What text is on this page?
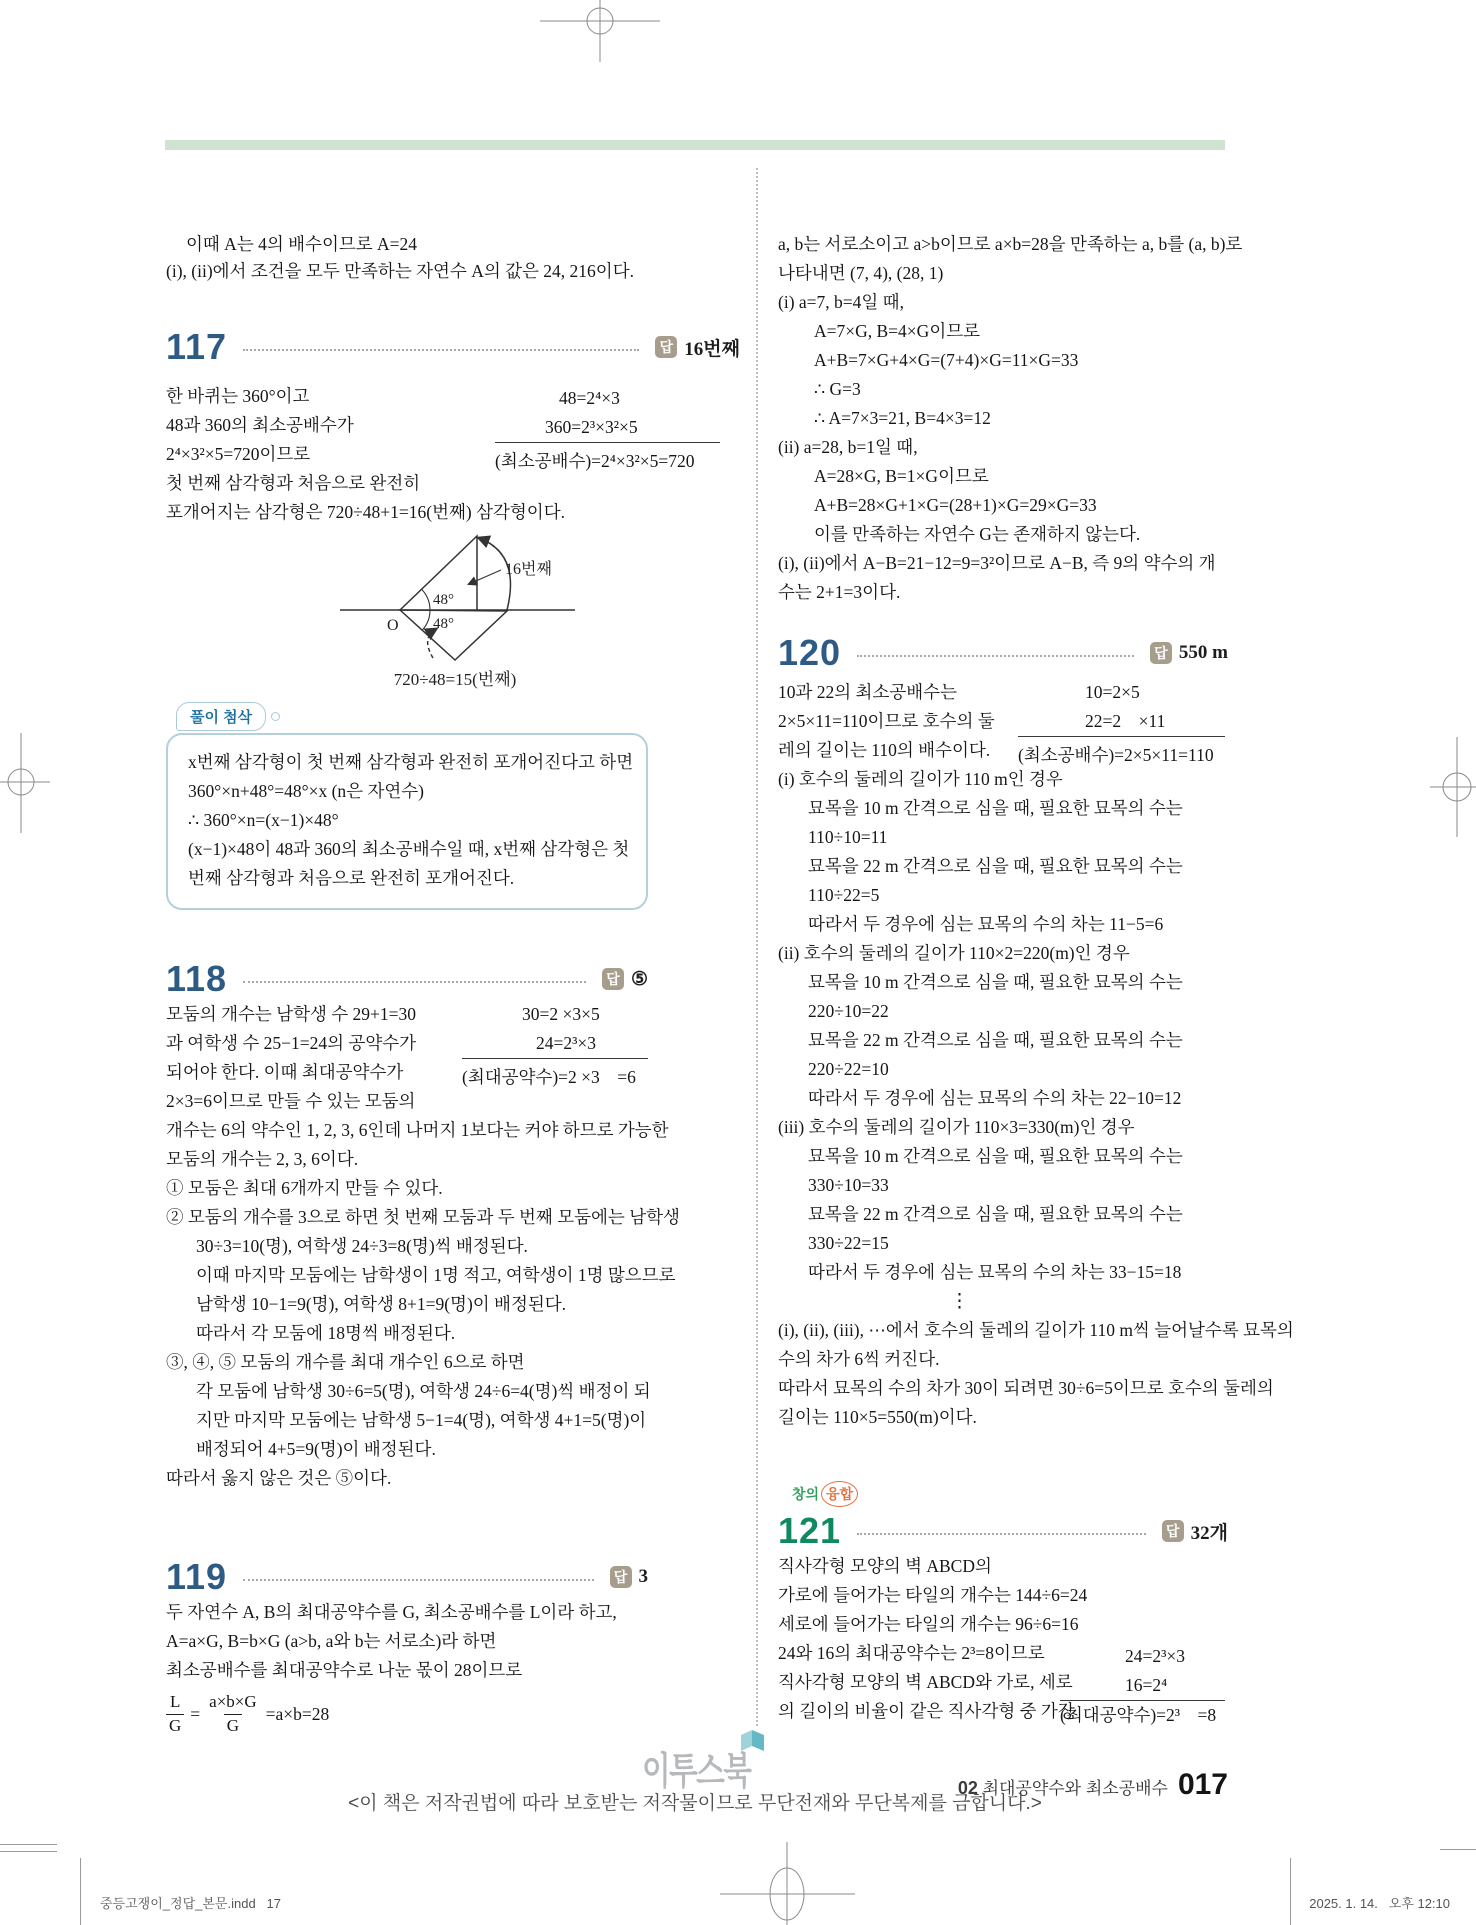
이때 A는 4의 배수이므로 A=24
(i), (ii)에서 조건을 모두 만족하는 자연수 A의 값은 24, 216이다.
117	답 16번째
한 바퀴는 360°이고
48과 360의 최소공배수가
2⁴×3²×5=720이므로
첫 번째 삼각형과 처음으로 완전히
포개어지는 삼각형은 720÷48+1=16(번째) 삼각형이다.
48=2⁴×3
360=2³×3²×5
(최소공배수)=2⁴×3²×5=720
16번째
48°
48°
O
720÷48=15(번째)
풀이 첨삭
x번째 삼각형이 첫 번째 삼각형과 완전히 포개어진다고 하면
360°×n+48°=48°×x (n은 자연수)
∴ 360°×n=(x−1)×48°
(x−1)×48이 48과 360의 최소공배수일 때, x번째 삼각형은 첫
번째 삼각형과 처음으로 완전히 포개어진다.
118	답 ⑤
모둠의 개수는 남학생 수 29+1=30
과 여학생 수 25−1=24의 공약수가
되어야 한다. 이때 최대공약수가
2×3=6이므로 만들 수 있는 모둠의
개수는 6의 약수인 1, 2, 3, 6인데 나머지 1보다는 커야 하므로 가능한
모둠의 개수는 2, 3, 6이다.
① 모둠은 최대 6개까지 만들 수 있다.
② 모둠의 개수를 3으로 하면 첫 번째 모둠과 두 번째 모둠에는 남학생
30÷3=10(명), 여학생 24÷3=8(명)씩 배정된다.
이때 마지막 모둠에는 남학생이 1명 적고, 여학생이 1명 많으므로
남학생 10−1=9(명), 여학생 8+1=9(명)이 배정된다.
따라서 각 모둠에 18명씩 배정된다.
③, ④, ⑤ 모둠의 개수를 최대 개수인 6으로 하면
각 모둠에 남학생 30÷6=5(명), 여학생 24÷6=4(명)씩 배정이 되
지만 마지막 모둠에는 남학생 5−1=4(명), 여학생 4+1=5(명)이
배정되어 4+5=9(명)이 배정된다.
따라서 옳지 않은 것은 ⑤이다.
30=2 ×3×5
24=2³×3
(최대공약수)=2 ×3    =6
119	답 3
두 자연수 A, B의 최대공약수를 G, 최소공배수를 L이라 하고,
A=a×G, B=b×G (a>b, a와 b는 서로소)라 하면
최소공배수를 최대공약수로 나눈 몫이 28이므로
$\frac{L}{G} = \frac{a\times b\times G}{G} =a\times b=28$
a, b는 서로소이고 a>b이므로 a×b=28을 만족하는 a, b를 (a, b)로
나타내면 (7, 4), (28, 1)
(i) a=7, b=4일 때,
A=7×G, B=4×G이므로
A+B=7×G+4×G=(7+4)×G=11×G=33
∴ G=3
∴ A=7×3=21, B=4×3=12
(ii) a=28, b=1일 때,
A=28×G, B=1×G이므로
A+B=28×G+1×G=(28+1)×G=29×G=33
이를 만족하는 자연수 G는 존재하지 않는다.
(i), (ii)에서 A−B=21−12=9=3²이므로 A−B, 즉 9의 약수의 개
수는 2+1=3이다.
120	답 550 m
10과 22의 최소공배수는
2×5×11=110이므로 호수의 둘
레의 길이는 110의 배수이다.
(i) 호수의 둘레의 길이가 110 m인 경우
묘목을 10 m 간격으로 심을 때, 필요한 묘목의 수는
110÷10=11
묘목을 22 m 간격으로 심을 때, 필요한 묘목의 수는
110÷22=5
따라서 두 경우에 심는 묘목의 수의 차는 11−5=6
(ii) 호수의 둘레의 길이가 110×2=220(m)인 경우
묘목을 10 m 간격으로 심을 때, 필요한 묘목의 수는
220÷10=22
묘목을 22 m 간격으로 심을 때, 필요한 묘목의 수는
220÷22=10
따라서 두 경우에 심는 묘목의 수의 차는 22−10=12
(iii) 호수의 둘레의 길이가 110×3=330(m)인 경우
묘목을 10 m 간격으로 심을 때, 필요한 묘목의 수는
330÷10=33
묘목을 22 m 간격으로 심을 때, 필요한 묘목의 수는
330÷22=15
따라서 두 경우에 심는 묘목의 수의 차는 33−15=18
⋮
(i), (ii), (iii), ⋯에서 호수의 둘레의 길이가 110 m씩 늘어날수록 묘목의
수의 차가 6씩 커진다.
따라서 묘목의 수의 차가 30이 되려면 30÷6=5이므로 호수의 둘레의
길이는 110×5=550(m)이다.
10=2×5
22=2    ×11
(최소공배수)=2×5×11=110
창의 융합
121	답 32개
직사각형 모양의 벽 ABCD의
가로에 들어가는 타일의 개수는 144÷6=24
세로에 들어가는 타일의 개수는 96÷6=16
24와 16의 최대공약수는 2³=8이므로
직사각형 모양의 벽 ABCD와 가로, 세로
의 길이의 비율이 같은 직사각형 중 가장
24=2³×3
16=2⁴
(최대공약수)=2³    =8
이투스북	02 최대공약수와 최소공배수 017

<이 책은 저작권법에 따라 보호받는 저작물이므로 무단전재와 무단복제를 금합니다.>
중등고쟁이_정답_본문.indd   17	2025. 1. 14.   오후 12:10
